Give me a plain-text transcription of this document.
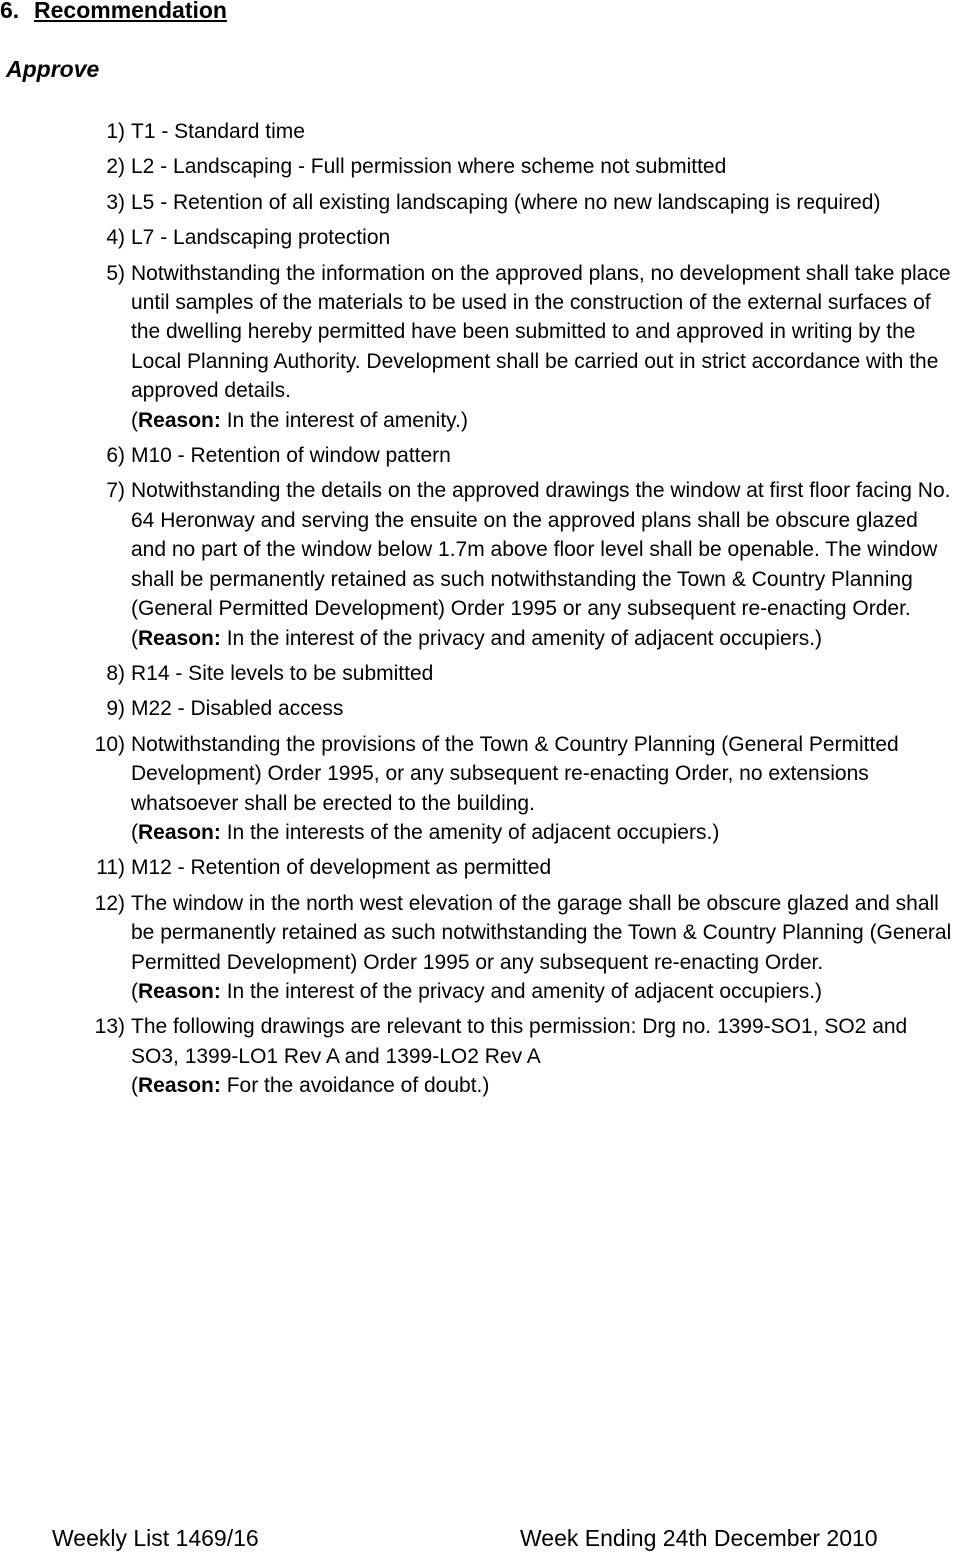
6. Recommendation
Approve
1) T1 - Standard time
2) L2 - Landscaping - Full permission where scheme not submitted
3) L5 - Retention of all existing landscaping (where no new landscaping is required)
4) L7 - Landscaping protection
5) Notwithstanding the information on the approved plans, no development shall take place until samples of the materials to be used in the construction of the external surfaces of the dwelling hereby permitted have been submitted to and approved in writing by the Local Planning Authority. Development shall be carried out in strict accordance with the approved details.
(Reason: In the interest of amenity.)
6) M10 - Retention of window pattern
7) Notwithstanding the details on the approved drawings the window at first floor facing No. 64 Heronway and serving the ensuite on the approved plans shall be obscure glazed and no part of the window below 1.7m above floor level shall be openable. The window shall be permanently retained as such notwithstanding the Town & Country Planning (General Permitted Development) Order 1995 or any subsequent re-enacting Order.
(Reason: In the interest of the privacy and amenity of adjacent occupiers.)
8) R14 - Site levels to be submitted
9) M22 - Disabled access
10) Notwithstanding the provisions of the Town & Country Planning (General Permitted Development) Order 1995, or any subsequent re-enacting Order, no extensions whatsoever shall be erected to the building.
(Reason: In the interests of the amenity of adjacent occupiers.)
11) M12 - Retention of development as permitted
12) The window in the north west elevation of the garage shall be obscure glazed and shall be permanently retained as such notwithstanding the Town & Country Planning (General Permitted Development) Order 1995 or any subsequent re-enacting Order.
(Reason: In the interest of the privacy and amenity of adjacent occupiers.)
13) The following drawings are relevant to this permission: Drg no. 1399-SO1, SO2 and SO3, 1399-LO1 Rev A and 1399-LO2 Rev A
(Reason: For the avoidance of doubt.)
Weekly List 1469/16	Week Ending 24th December 2010
